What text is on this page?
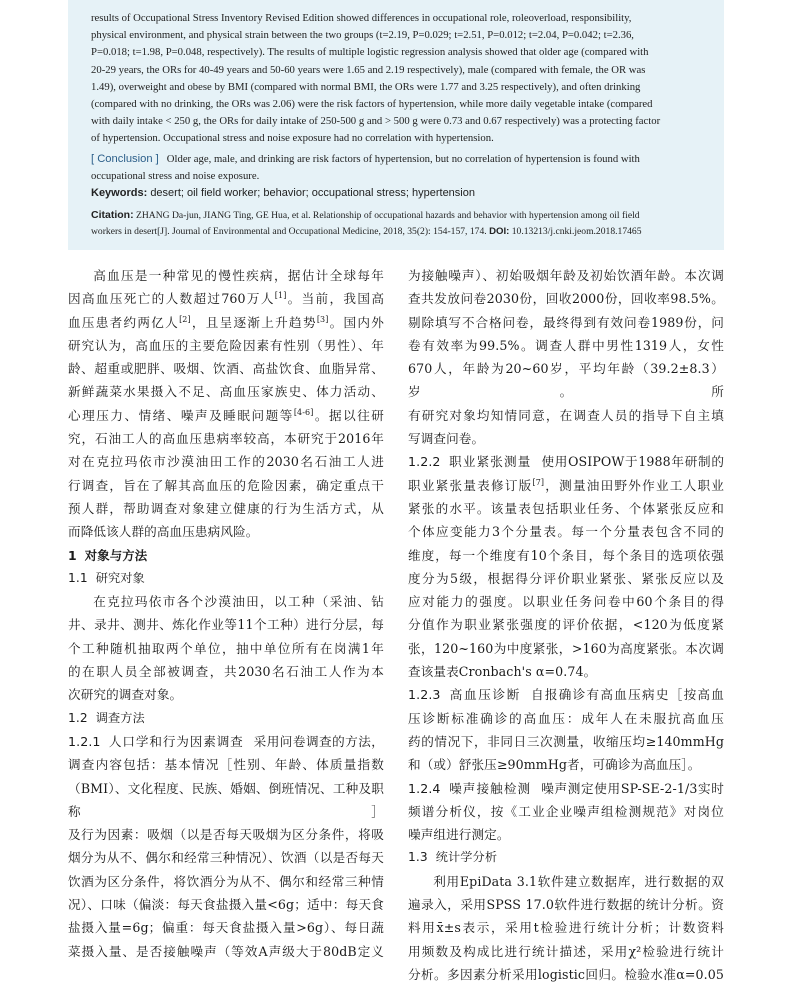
results of Occupational Stress Inventory Revised Edition showed differences in occupational role, roleoverload, responsibility,

physical environment, and physical strain between the two groups (t=2.19, P=0.029; t=2.51, P=0.012; t=2.04, P=0.042; t=2.36,

P=0.018; t=1.98, P=0.048, respectively). The results of multiple logistic regression analysis showed that older age (compared with

20-29 years, the ORs for 40-49 years and 50-60 years were 1.65 and 2.19 respectively), male (compared with female, the OR was

1.49), overweight and obese by BMI (compared with normal BMI, the ORs were 1.77 and 3.25 respectively), and often drinking

(compared with no drinking, the ORs was 2.06) were the risk factors of hypertension, while more daily vegetable intake (compared

with daily intake < 250 g, the ORs for daily intake of 250-500 g and > 500 g were 0.73 and 0.67 respectively) was a protecting factor

of hypertension. Occupational stress and noise exposure had no correlation with hypertension.

[ Conclusion ] Older age, male, and drinking are risk factors of hypertension, but no correlation of hypertension is found with

occupational stress and noise exposure.

Keywords: desert; oil field worker; behavior; occupational stress; hypertension

Citation: ZHANG Da-jun, JIANG Ting, GE Hua, et al. Relationship of occupational hazards and behavior with hypertension among oil field

workers in desert[J]. Journal of Environmental and Occupational Medicine, 2018, 35(2): 154-157, 174. DOI: 10.13213/j.cnki.jeom.2018.17465

高血压是一种常见的慢性疾病，据估计全球每年

因高血压死亡的人数超过760万人[1]。当前，我国高

血压患者约两亿人[2]，且呈逐渐上升趋势[3]。国内外

研究认为，高血压的主要危险因素有性别（男性）、年

龄、超重或肥胖、吸烟、饮酒、高盐饮食、血脂异常、

新鲜蔬菜水果摄入不足、高血压家族史、体力活动、

心理压力、情绪、噪声及睡眠问题等[4-6]。据以往研

究，石油工人的高血压患病率较高，本研究于2016年

对在克拉玛依市沙漠油田工作的2030名石油工人进

行调查，旨在了解其高血压的危险因素，确定重点干

预人群，帮助调查对象建立健康的行为生活方式，从

而降低该人群的高血压患病风险。

1 对象与方法

1.1 研究对象

在克拉玛依市各个沙漠油田，以工种（采油、钻

井、录井、测井、炼化作业等11个工种）进行分层，每

个工种随机抽取两个单位，抽中单位所有在岗满1年

的在职人员全部被调查，共2030名石油工人作为本

次研究的调查对象。

1.2 调查方法

1.2.1 人口学和行为因素调查 采用问卷调查的方法，

调查内容包括：基本情况［性别、年龄、体质量指数

（BMI）、文化程度、民族、婚姻、倒班情况、工种及职称］

及行为因素：吸烟（以是否每天吸烟为区分条件，将吸

烟分为从不、偶尔和经常三种情况）、饮酒（以是否每天

饮酒为区分条件，将饮酒分为从不、偶尔和经常三种情

况）、口味（偏淡：每天食盐摄入量<6g；适中：每天食

盐摄入量=6g；偏重：每天食盐摄入量>6g）、每日蔬

菜摄入量、是否接触噪声（等效A声级大于80dB定义

为接触噪声）、初始吸烟年龄及初始饮酒年龄。本次调

查共发放问卷2030份，回收2000份，回收率98.5%。

剔除填写不合格问卷，最终得到有效问卷1989份，问

卷有效率为99.5%。调查人群中男性1319人，女性

670人，年龄为20~60岁，平均年龄（39.2±8.3）岁。所

有研究对象均知情同意，在调查人员的指导下自主填

写调查问卷。

1.2.2 职业紧张测量 使用OSIPOW于1988年研制的

职业紧张量表修订版[7]，测量油田野外作业工人职业

紧张的水平。该量表包括职业任务、个体紧张反应和

个体应变能力3个分量表。每一个分量表包含不同的

维度，每一个维度有10个条目，每个条目的选项依强

度分为5级，根据得分评价职业紧张、紧张反应以及

应对能力的强度。以职业任务问卷中60个条目的得

分值作为职业紧张强度的评价依据，<120为低度紧

张，120~160为中度紧张，>160为高度紧张。本次调

查该量表Cronbach's α=0.74。

1.2.3 高血压诊断 自报确诊有高血压病史［按高血

压诊断标准确诊的高血压：成年人在未服抗高血压

药的情况下，非同日三次测量，收缩压均≥140mmHg

和（或）舒张压≥90mmHg者，可确诊为高血压］。

1.2.4 噪声接触检测 噪声测定使用SP-SE-2-1/3实时

频谱分析仪，按《工业企业噪声组检测规范》对岗位

噪声组进行测定。

1.3 统计学分析

利用EpiData 3.1软件建立数据库，进行数据的双

遍录入，采用SPSS 17.0软件进行数据的统计分析。资

料用x̄±s表示，采用t检验进行统计分析；计数资料

用频数及构成比进行统计描述，采用χ²检验进行统计

分析。多因素分析采用logistic回归。检验水准α=0.05
